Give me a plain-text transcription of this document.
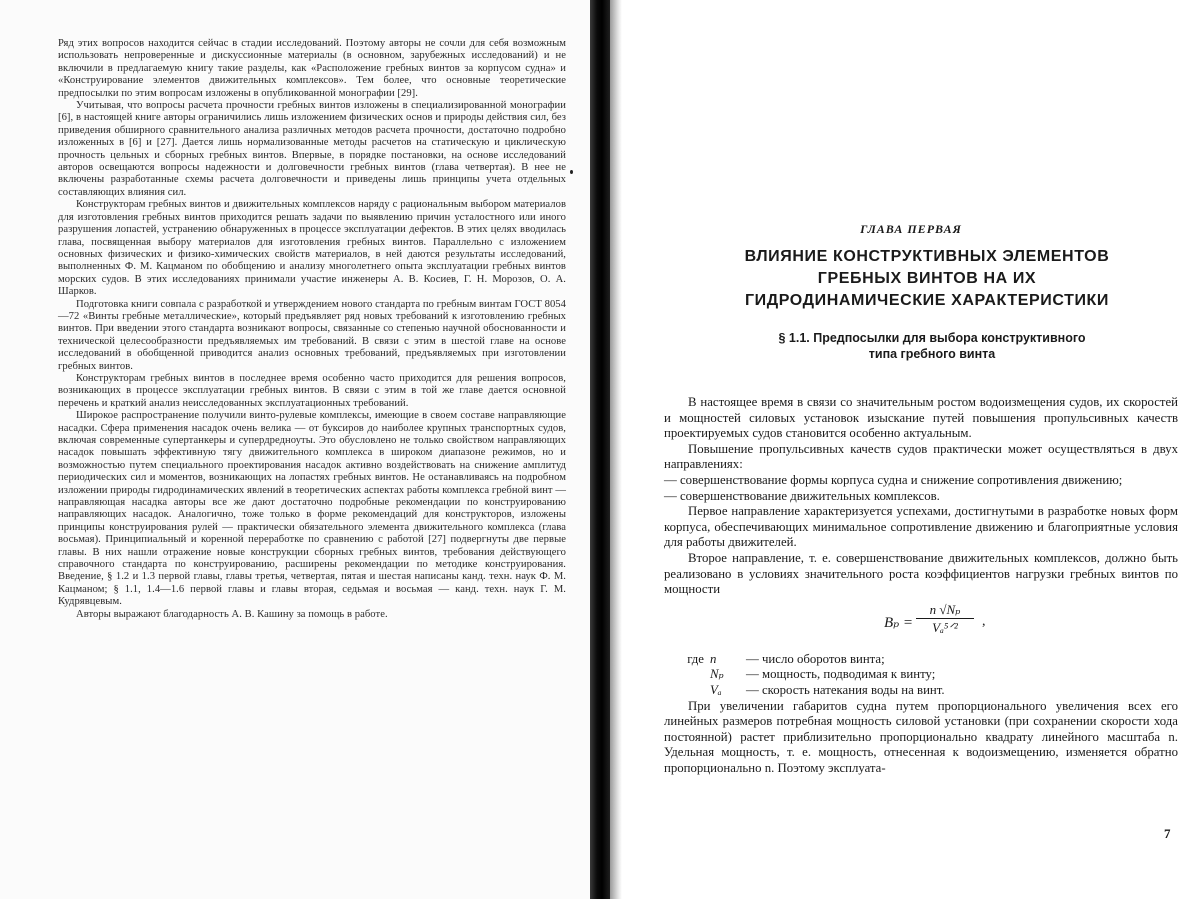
Ряд этих вопросов находится сейчас в стадии исследований. Поэтому авторы не сочли для себя возможным использовать непроверенные и дискуссионные материалы (в основном, зарубежных исследований) и не включили в предлагаемую книгу такие разделы, как «Расположение гребных винтов за корпусом судна» и «Конструирование элементов движительных комплексов». Тем более, что основные теоретические предпосылки по этим вопросам изложены в опубликованной монографии [29].

Учитывая, что вопросы расчета прочности гребных винтов изложены в специализированной монографии [6], в настоящей книге авторы ограничились лишь изложением физических основ и природы действия сил, без приведения обширного сравнительного анализа различных методов расчета прочности, достаточно подробно изложенных в [6] и [27]. Дается лишь нормализованные методы расчетов на статическую и циклическую прочность цельных и сборных гребных винтов. Впервые, в порядке постановки, на основе исследований авторов освещаются вопросы надежности и долговечности гребных винтов (глава четвертая). В нее не включены разработанные схемы расчета долговечности и приведены лишь принципы учета отдельных составляющих влияния сил.

Конструкторам гребных винтов и движительных комплексов наряду с рациональным выбором материалов для изготовления гребных винтов приходится решать задачи по выявлению причин усталостного или иного разрушения лопастей, устранению обнаруженных в процессе эксплуатации дефектов. В этих целях вводилась глава, посвященная выбору материалов для изготовления гребных винтов. Параллельно с изложением основных физических и физико-химических свойств материалов, в ней даются результаты исследований, выполненных Ф. М. Кацманом по обобщению и анализу многолетнего опыта эксплуатации гребных винтов морских судов. В этих исследованиях принимали участие инженеры А. В. Косиев, Г. Н. Морозов, О. А. Шарков.

Подготовка книги совпала с разработкой и утверждением нового стандарта по гребным винтам ГОСТ 8054—72 «Винты гребные металлические», который предъявляет ряд новых требований к изготовлению гребных винтов. При введении этого стандарта возникают вопросы, связанные со степенью научной обоснованности и технической целесообразности предъявляемых им требований. В связи с этим в шестой главе на основе исследований в обобщенной приводится анализ основных требований, предъявляемых при изготовлении гребных винтов.

Конструкторам гребных винтов в последнее время особенно часто приходится для решения вопросов, возникающих в процессе эксплуатации гребных винтов. В связи с этим в той же главе дается основной перечень и краткий анализ неисследованных эксплуатационных требований.

Широкое распространение получили винто-рулевые комплексы, имеющие в своем составе направляющие насадки. Сфера применения насадок очень велика — от буксиров до наиболее крупных транспортных судов, включая современные супертанкеры и супердредноуты. Это обусловлено не только свойством направляющих насадок повышать эффективную тягу движительного комплекса в широком диапазоне режимов, но и возможностью путем специального проектирования насадок активно воздействовать на снижение амплитуд периодических сил и моментов, возникающих на лопастях гребных винтов. Не останавливаясь на подробном изложении природы гидродинамических явлений в теоретических аспектах работы комплекса гребной винт — направляющая насадка авторы все же дают достаточно подробные рекомендации по конструированию направляющих насадок. Аналогично, тоже только в форме рекомендаций для конструкторов, изложены принципы конструирования рулей — практически обязательного элемента движительного комплекса (глава восьмая). Принципиальный и коренной переработке по сравнению с работой [27] подвергнуты две первые главы. В них нашли отражение новые конструкции сборных гребных винтов, требования действующего справочного стандарта по конструированию, расширены рекомендации по методике конструирования. Введение, § 1.2 и 1.3 первой главы, главы третья, четвертая, пятая и шестая написаны канд. техн. наук Ф. М. Кацманом; § 1.1, 1.4—1.6 первой главы и главы вторая, седьмая и восьмая — канд. техн. наук Г. М. Кудрявцевым.

Авторы выражают благодарность А. В. Кашину за помощь в работе.

ГЛАВА ПЕРВАЯ
ВЛИЯНИЕ КОНСТРУКТИВНЫХ ЭЛЕМЕНТОВ
ГРЕБНЫХ ВИНТОВ НА ИХ
ГИДРОДИНАМИЧЕСКИЕ ХАРАКТЕРИСТИКИ
§ 1.1. Предпосылки для выбора конструктивного
типа гребного винта

В настоящее время в связи со значительным ростом водоизмещения судов, их скоростей и мощностей силовых установок изыскание путей повышения пропульсивных качеств проектируемых судов становится особенно актуальным.

Повышение пропульсивных качеств судов практически может осуществляться в двух направлениях:

— совершенствование формы корпуса судна и снижение сопротивления движению;

— совершенствование движительных комплексов.

Первое направление характеризуется успехами, достигнутыми в разработке новых форм корпуса, обеспечивающих минимальное сопротивление движению и благоприятные условия для работы движителей.

Второе направление, т. е. совершенствование движительных комплексов, должно быть реализовано в условиях значительного роста коэффициентов нагрузки гребных винтов по мощности

Bₚ =
n √Nₚ
Vₐ⁵ᐟ²	,
где n	— число оборотов винта;
Nₚ	— мощность, подводимая к винту;
Vₐ	— скорость натекания воды на винт.

При увеличении габаритов судна путем пропорционального увеличения всех его линейных размеров потребная мощность силовой установки (при сохранении скорости хода постоянной) растет приблизительно пропорционально квадрату линейного масштаба n. Удельная мощность, т. е. мощность, отнесенная к водоизмещению, изменяется обратно пропорционально n. Поэтому эксплуата-

7
